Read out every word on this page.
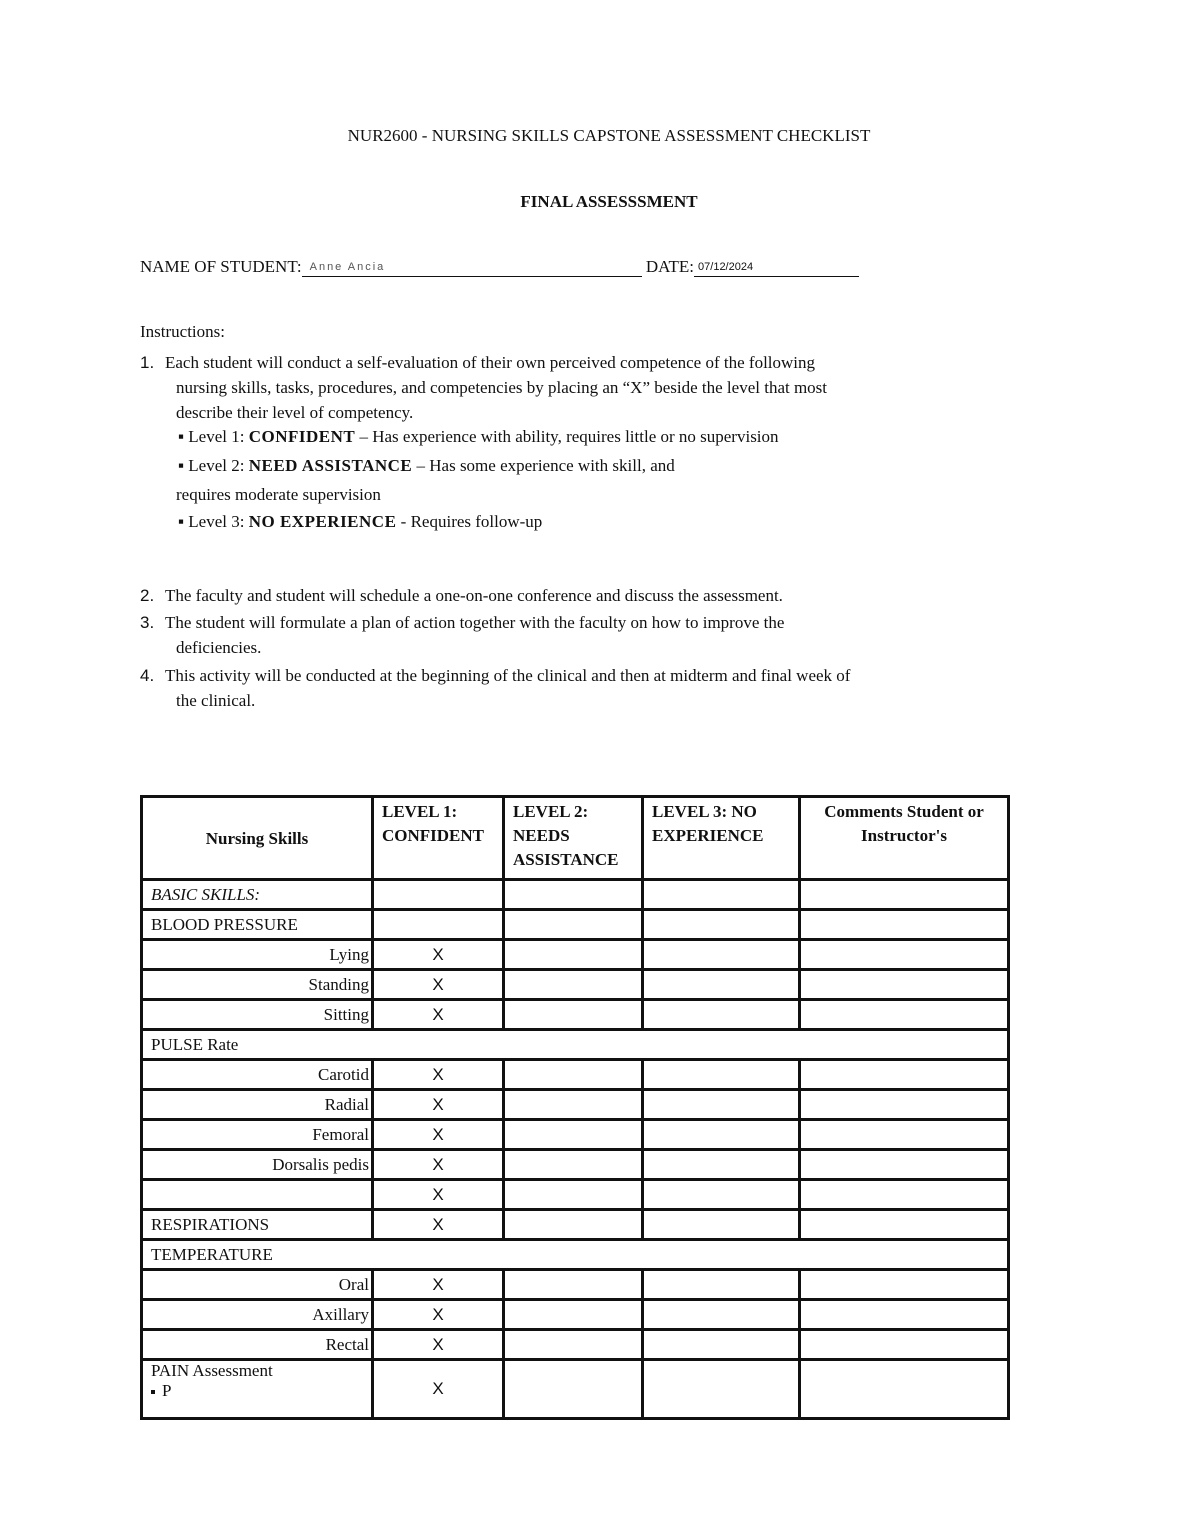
NUR2600 - NURSING SKILLS CAPSTONE ASSESSMENT CHECKLIST
FINAL ASSESSSMENT
NAME OF STUDENT: Anne Ancia	DATE: 07/12/2024
Instructions:
1. Each student will conduct a self-evaluation of their own perceived competence of the following
nursing skills, tasks, procedures, and competencies by placing an “X” beside the level that most
describe their level of competency.
▪ Level 1: CONFIDENT – Has experience with ability, requires little or no supervision
▪ Level 2: NEED ASSISTANCE – Has some experience with skill, and
requires moderate supervision
▪ Level 3: NO EXPERIENCE - Requires follow-up
2. The faculty and student will schedule a one-on-one conference and discuss the assessment.
3. The student will formulate a plan of action together with the faculty on how to improve the
deficiencies.
4. This activity will be conducted at the beginning of the clinical and then at midterm and final week of
the clinical.
Nursing Skills	LEVEL 1: CONFIDENT	LEVEL 2: NEEDS ASSISTANCE	LEVEL 3: NO EXPERIENCE	Comments Student or Instructor's
BASIC SKILLS:				
BLOOD PRESSURE				
Lying	X			
Standing	X			
Sitting	X			
PULSE Rate				
Carotid	X			
Radial	X			
Femoral	X			
Dorsalis pedis	X			
	X			
RESPIRATIONS	X			
TEMPERATURE				
Oral	X			
Axillary	X			
Rectal	X			

PAIN Assessment
P	X			
